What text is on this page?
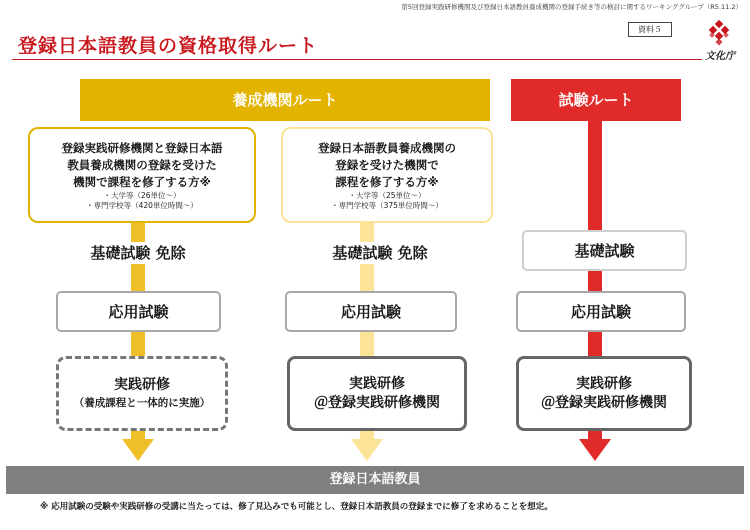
第5回登録実践研修機関及び登録日本語教員養成機関の登録手続き等の検討に関するワーキンググループ（R5.11.2）
資料５
登録日本語教員の資格取得ルート	文化庁
養成機関ルート	試験ルート
登録実践研修機関と登録日本語
教員養成機関の登録を受けた
機関で課程を修了する方※
・大学等（26単位～）
・専門学校等（420単位時間～）
基礎試験 免除
応用試験
実践研修
（養成課程と一体的に実施）
登録日本語教員養成機関の
登録を受けた機関で
課程を修了する方※
・大学等（25単位～）
・専門学校等（375単位時間～）
基礎試験 免除
応用試験
実践研修
＠登録実践研修機関
基礎試験
応用試験
実践研修
＠登録実践研修機関
登録日本語教員
※ 応用試験の受験や実践研修の受講に当たっては、修了見込みでも可能とし、登録日本語教員の登録までに修了を求めることを想定。
